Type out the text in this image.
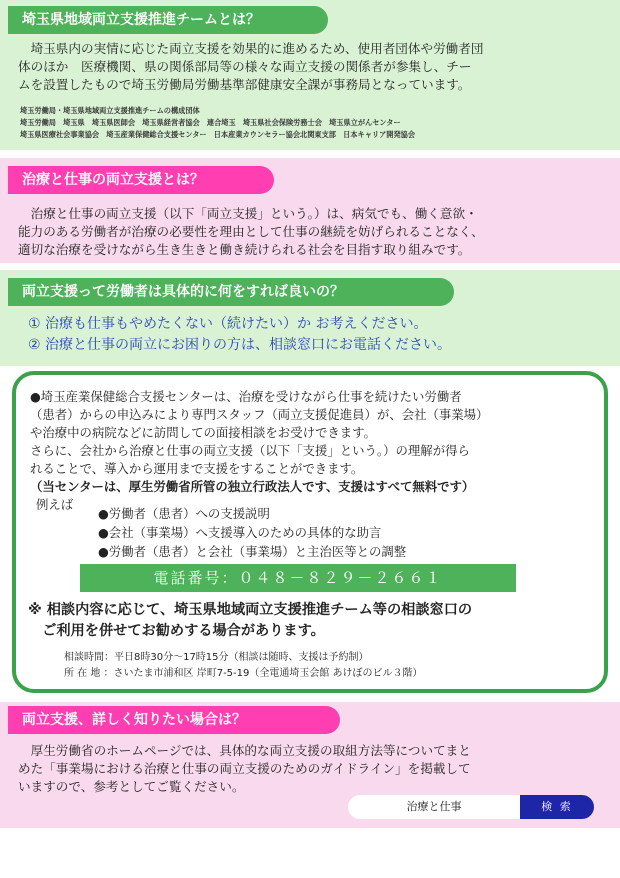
埼玉県地域両立支援推進チームとは？
　埼玉県内の実情に応じた両立支援を効果的に進めるため、使用者団体や労働者団
体のほか　医療機関、県の関係部局等の様々な両立支援の関係者が参集し、チー
ムを設置したもので埼玉労働局労働基準部健康安全課が事務局となっています。
埼玉労働局・埼玉県地域両立支援推進チームの構成団体
埼玉労働局　埼玉県　埼玉県医師会　埼玉県経営者協会　連合埼玉　埼玉県社会保険労務士会　埼玉県立がんセンター
埼玉県医療社会事業協会　埼玉産業保健総合支援センター　日本産業カウンセラー協会北関東支部　日本キャリア開発協会
治療と仕事の両立支援とは？
　治療と仕事の両立支援（以下「両立支援」という。）は、病気でも、働く意欲・
能力のある労働者が治療の必要性を理由として仕事の継続を妨げられることなく、
適切な治療を受けながら生き生きと働き続けられる社会を目指す取り組みです。
両立支援って労働者は具体的に何をすれば良いの？
① 治療も仕事もやめたくない（続けたい）か お考えください。
② 治療と仕事の両立にお困りの方は、相談窓口にお電話ください。
●埼玉産業保健総合支援センターは、治療を受けながら仕事を続けたい労働者
（患者）からの申込みにより専門スタッフ（両立支援促進員）が、会社（事業場）
や治療中の病院などに訪問しての面接相談をお受けできます。
さらに、会社から治療と仕事の両立支援（以下「支援」という。）の理解が得ら
れることで、導入から運用まで支援をすることができます。
（当センターは、厚生労働省所管の独立行政法人です、支援はすべて無料です）
例えば
●労働者（患者）への支援説明
●会社（事業場）へ支援導入のための具体的な助言
●労働者（患者）と会社（事業場）と主治医等との調整
電話番号：０４８－８２９－２６６１
※ 相談内容に応じて、埼玉県地域両立支援推進チーム等の相談窓口の
　ご利用を併せてお勧めする場合があります。
相談時間：平日8時30分～17時15分（相談は随時、支援は予約制）
所 在 地 ：さいたま市浦和区 岸町7-5-19（全電通埼玉会館 あけぼのビル３階）
両立支援、詳しく知りたい場合は？
　厚生労働省のホームページでは、具体的な両立支援の取組方法等についてまと
めた「事業場における治療と仕事の両立支援のためのガイドライン」を掲載して
いますので、参考としてご覧ください。
治療と仕事	検 索
